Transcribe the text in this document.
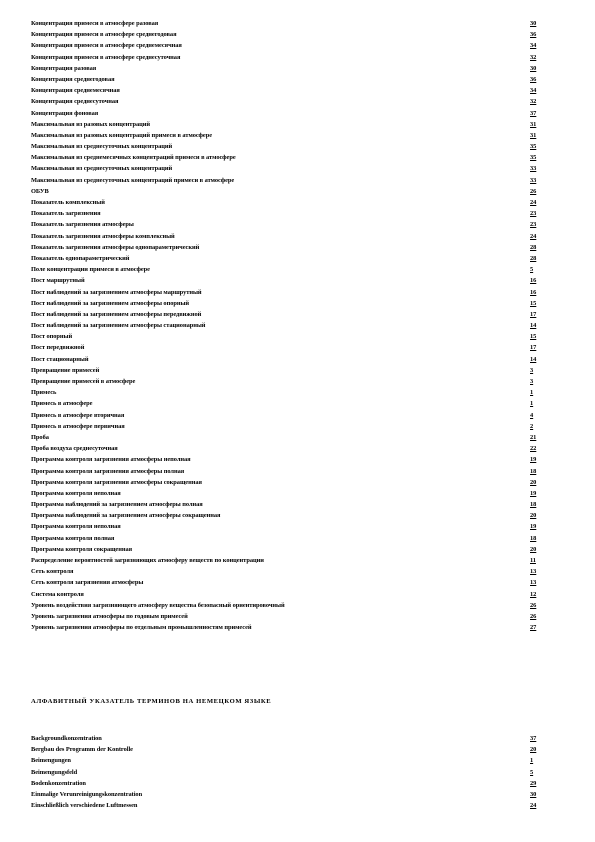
Концентрация примеси в атмосфере разовая	30
Концентрация примеси в атмосфере среднегодовая	36
Концентрация примеси в атмосфере среднемесячная	34
Концентрация примеси в атмосфере среднесуточная	32
Концентрация разовая	30
Концентрация среднегодовая	36
Концентрация среднемесячная	34
Концентрация среднесуточная	32
Концентрация фоновая	37
Максимальная из разовых концентраций	31
Максимальная из разовых концентраций примеси в атмосфере	31
Максимальная из среднесуточных концентраций	35
Максимальная из среднемесячных концентраций примеси в атмосфере	35
Максимальная из среднесуточных концентраций	33
Максимальная из среднесуточных концентраций примеси в атмосфере	33
ОБУВ	26
Показатель комплексный	24
Показатель загрязнения	23
Показатель загрязнения атмосферы	23
Показатель загрязнения атмосферы комплексный	24
Показатель загрязнения атмосферы однопараметрический	28
Показатель однопараметрический	28
Поле концентрации примеси в атмосфере	5
Пост маршрутный	16
Пост наблюдений за загрязнением атмосферы маршрутный	16
Пост наблюдений за загрязнением атмосферы опорный	15
Пост наблюдений за загрязнением атмосферы передвижной	17
Пост наблюдений за загрязнением атмосферы стационарный	14
Пост опорный	15
Пост передвижной	17
Пост стационарный	14
Превращение примесей	3
Превращение примесей в атмосфере	3
Примесь	1
Примесь в атмосфере	1
Примесь в атмосфере вторичная	4
Примесь в атмосфере первичная	2
Проба	21
Проба воздуха среднесуточная	22
Программа контроля загрязнения атмосферы неполная	19
Программа контроля загрязнения атмосферы полная	18
Программа контроля загрязнения атмосферы сокращенная	20
Программа контроля неполная	19
Программа наблюдений за загрязнением атмосферы полная	18
Программа наблюдений за загрязнением атмосферы сокращенная	20
Программа контроля неполная	19
Программа контроля полная	18
Программа контроля сокращенная	20
Распределение вероятностей загрязняющих атмосферу веществ по концентрации	11
Сеть контроля	13
Сеть контроля загрязнения атмосферы	13
Система контроля	12
Уровень воздействия загрязняющего атмосферу вещества безопасный ориентировочный	26
Уровень загрязнения атмосферы по годовым примесей	26
Уровень загрязнения атмосферы по отдельным промышленностям примесей	27
АЛФАВИТНЫЙ УКАЗАТЕЛЬ ТЕРМИНОВ НА НЕМЕЦКОМ ЯЗЫКЕ
Backgroundkonzentration	37
Bergbau des Programm der Kontrolle	20
Beimengungen	1
Beimengungsfeld	5
Bodenkonzentration	29
Einmalige Verunreinigungskonzentration	30
Einschließlich verschiedene Luftmessen	24
